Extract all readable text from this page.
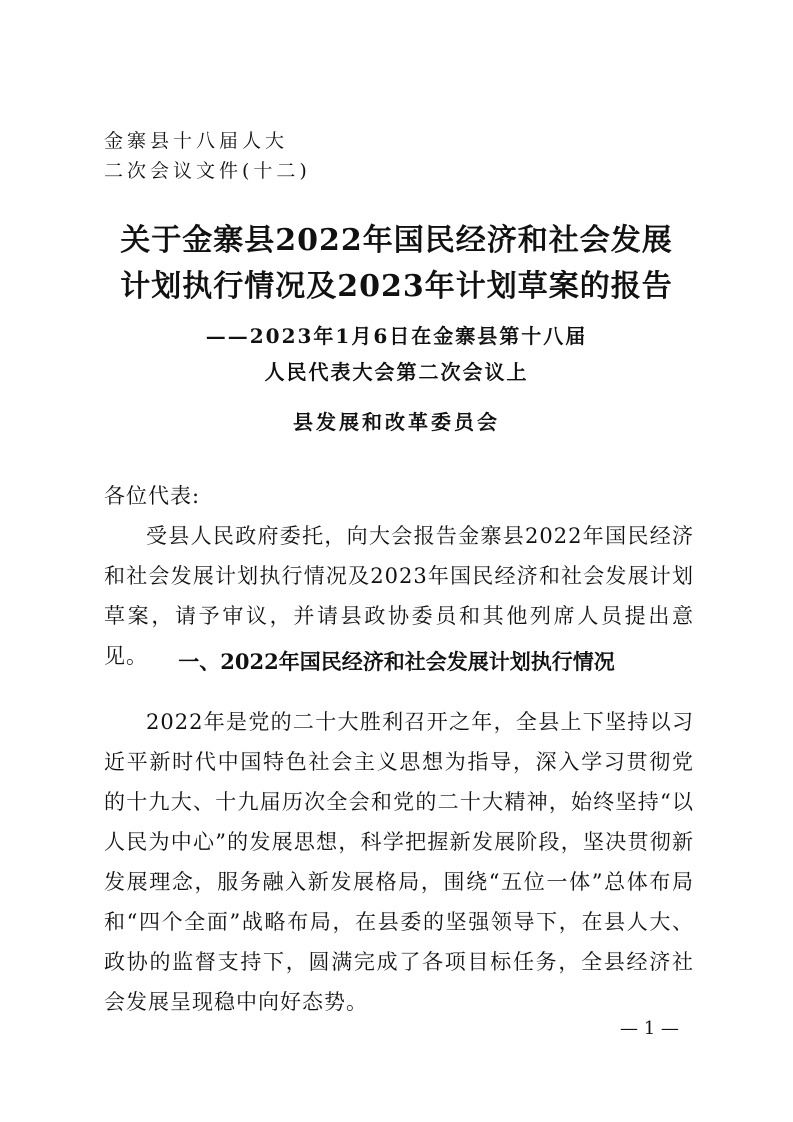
金寨县十八届人大
二次会议文件(十二)
关于金寨县2022年国民经济和社会发展
计划执行情况及2023年计划草案的报告
——2023年1月6日在金寨县第十八届
人民代表大会第二次会议上
县发展和改革委员会
各位代表:
受县人民政府委托，向大会报告金寨县2022年国民经济和社会发展计划执行情况及2023年国民经济和社会发展计划草案，请予审议，并请县政协委员和其他列席人员提出意见。	一、2022年国民经济和社会发展计划执行情况
2022年是党的二十大胜利召开之年，全县上下坚持以习近平新时代中国特色社会主义思想为指导，深入学习贯彻党的十九大、十九届历次全会和党的二十大精神，始终坚持“以人民为中心”的发展思想，科学把握新发展阶段，坚决贯彻新发展理念，服务融入新发展格局，围绕“五位一体”总体布局和“四个全面”战略布局，在县委的坚强领导下，在县人大、政协的监督支持下，圆满完成了各项目标任务，全县经济社会发展呈现稳中向好态势。
— 1 —
